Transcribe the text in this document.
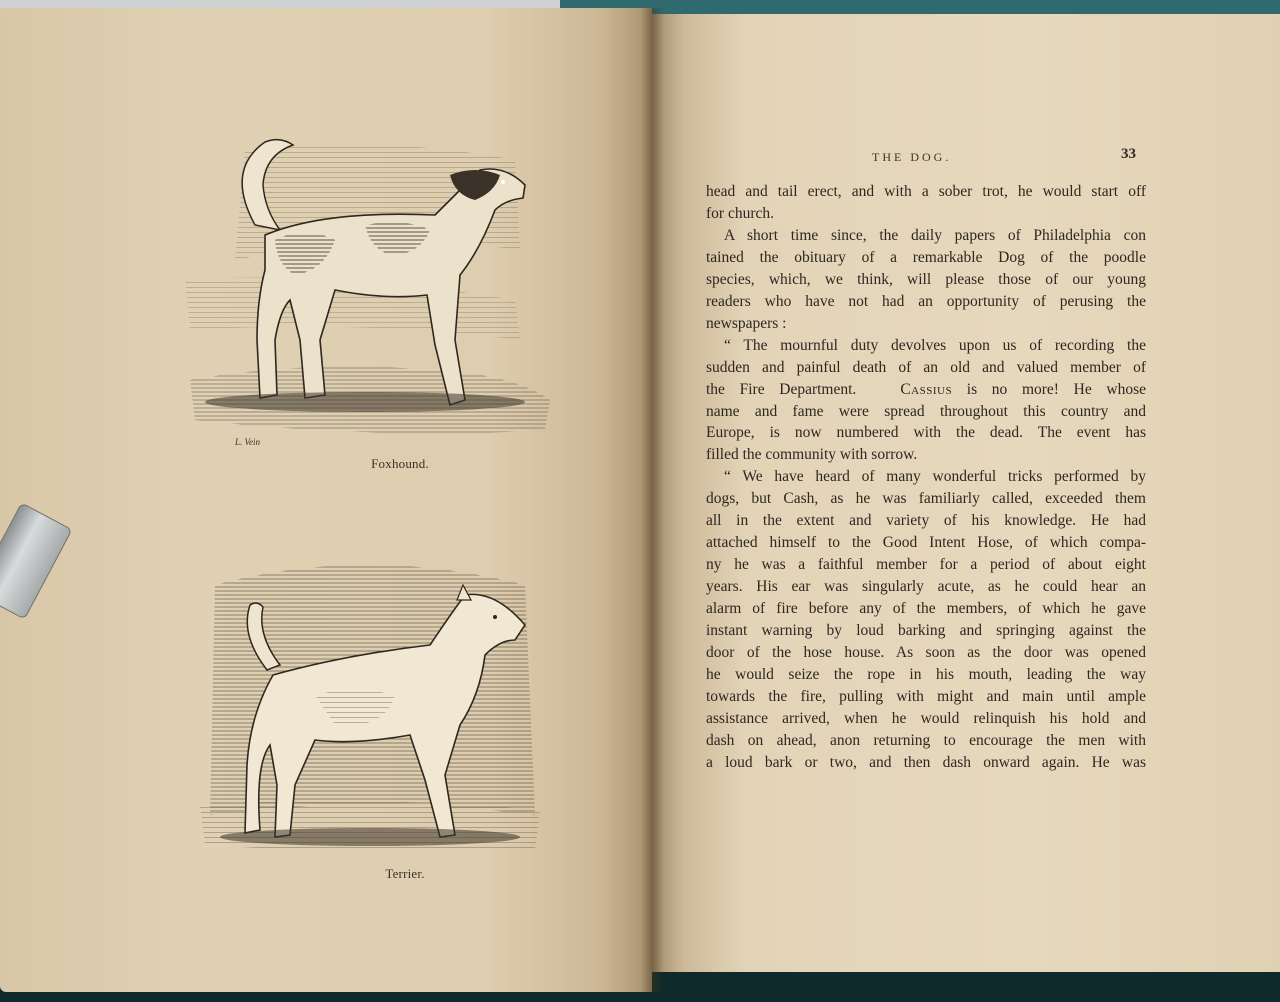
L. Vein
Foxhound.
Terrier.
THE DOG.	33
head and tail erect, and with a sober trot, he would start off
for church.
A short time since, the daily papers of Philadelphia con
tained the obituary of a remarkable Dog of the poodle
species, which, we think, will please those of our young
readers who have not had an opportunity of perusing the
newspapers :
“ The mournful duty devolves upon us of recording the
sudden and painful death of an old and valued member of
the Fire Department.	Cassius is no more! He whose
name and fame were spread throughout this country and
Europe, is now numbered with the dead. The event has
filled the community with sorrow.
“ We have heard of many wonderful tricks performed by
dogs, but Cash, as he was familiarly called, exceeded them
all in the extent and variety of his knowledge. He had
attached himself to the Good Intent Hose, of which compa-
ny he was a faithful member for a period of about eight
years. His ear was singularly acute, as he could hear an
alarm of fire before any of the members, of which he gave
instant warning by loud barking and springing against the
door of the hose house. As soon as the door was opened
he would seize the rope in his mouth, leading the way
towards the fire, pulling with might and main until ample
assistance arrived, when he would relinquish his hold and
dash on ahead, anon returning to encourage the men with
a loud bark or two, and then dash onward again. He was
